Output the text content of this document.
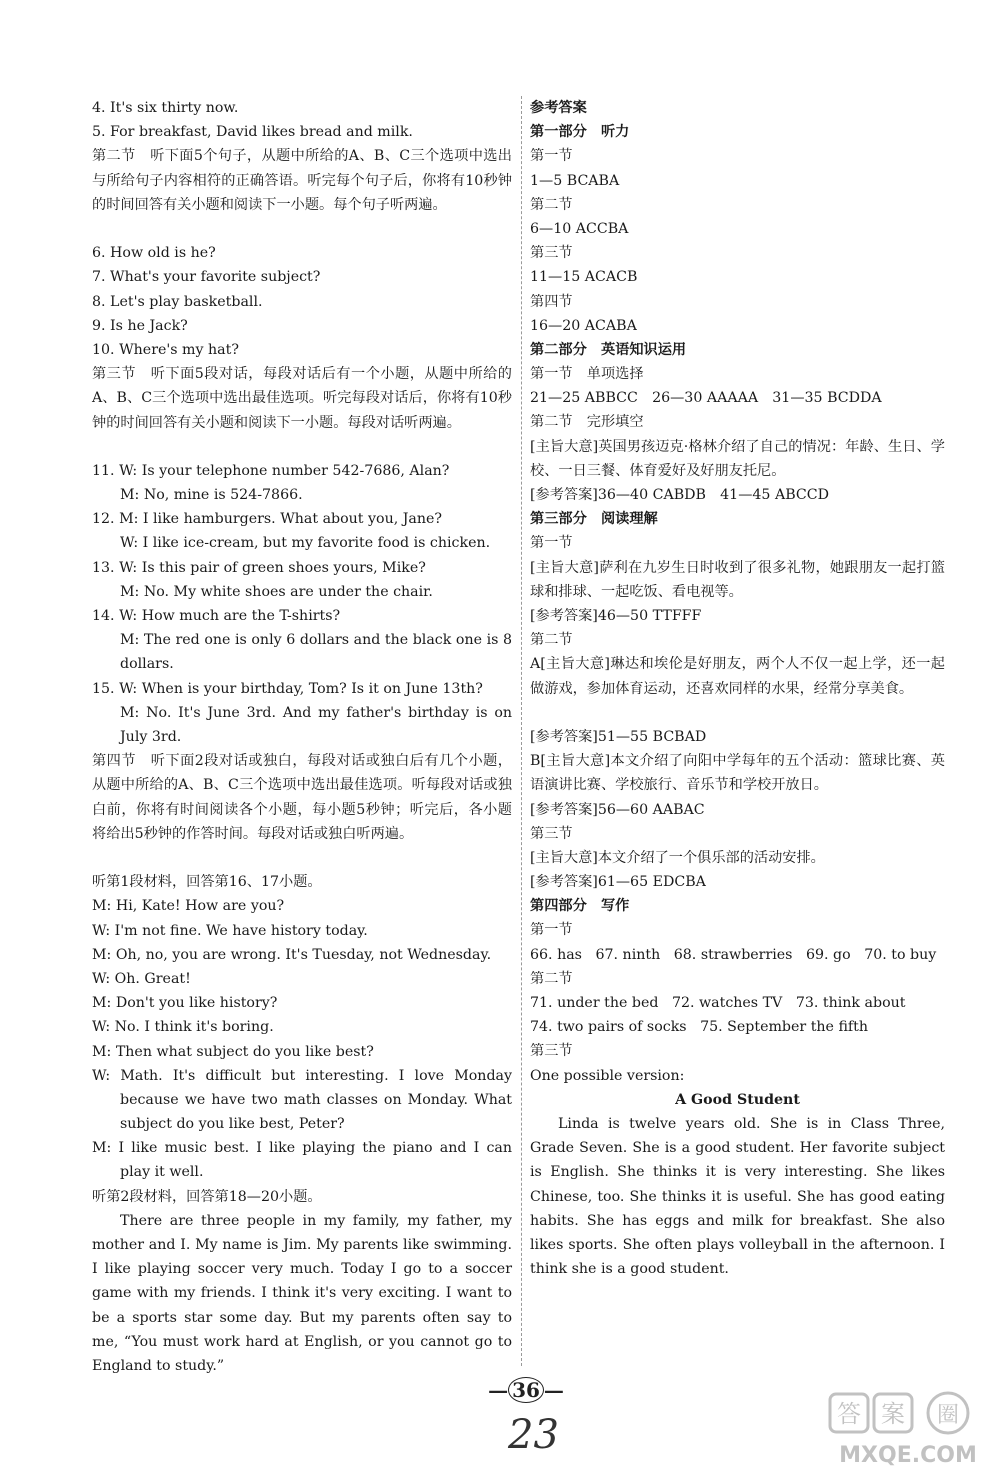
4. It's six thirty now.
5. For breakfast, David likes bread and milk.
第二节　听下面5个句子，从题中所给的A、B、C三个选项中选出与所给句子内容相符的正确答语。听完每个句子后，你将有10秒钟的时间回答有关小题和阅读下一小题。每个句子听两遍。
6. How old is he?
7. What's your favorite subject?
8. Let's play basketball.
9. Is he Jack?
10. Where's my hat?
第三节　听下面5段对话，每段对话后有一个小题，从题中所给的A、B、C三个选项中选出最佳选项。听完每段对话后，你将有10秒钟的时间回答有关小题和阅读下一小题。每段对话听两遍。
11. W: Is your telephone number 542-7686, Alan?
M: No, mine is 524-7866.
12. M: I like hamburgers. What about you, Jane?
W: I like ice-cream, but my favorite food is chicken.
13. W: Is this pair of green shoes yours, Mike?
M: No. My white shoes are under the chair.
14. W: How much are the T-shirts?
M: The red one is only 6 dollars and the black one is 8 dollars.
15. W: When is your birthday, Tom? Is it on June 13th?
M: No. It's June 3rd. And my father's birthday is on July 3rd.
第四节　听下面2段对话或独白，每段对话或独白后有几个小题，从题中所给的A、B、C三个选项中选出最佳选项。听每段对话或独白前，你将有时间阅读各个小题，每小题5秒钟；听完后，各小题将给出5秒钟的作答时间。每段对话或独白听两遍。
听第1段材料，回答第16、17小题。
M: Hi, Kate! How are you?
W: I'm not fine. We have history today.
M: Oh, no, you are wrong. It's Tuesday, not Wednesday.
W: Oh. Great!
M: Don't you like history?
W: No. I think it's boring.
M: Then what subject do you like best?
W: Math. It's difficult but interesting. I love Monday because we have two math classes on Monday. What subject do you like best, Peter?
M: I like music best. I like playing the piano and I can play it well.
听第2段材料，回答第18—20小题。
There are three people in my family, my father, my mother and I. My name is Jim. My parents like swimming. I like playing soccer very much. Today I go to a soccer game with my friends. I think it's very exciting. I want to be a sports star some day. But my parents often say to me, “You must work hard at English, or you cannot go to England to study.”
参考答案
第一部分　听力
第一节
1—5 BCABA
第二节
6—10 ACCBA
第三节
11—15 ACACB
第四节
16—20 ACABA
第二部分　英语知识运用
第一节　单项选择
21—25 ABBCC　26—30 AAAAA　31—35 BCDDA
第二节　完形填空
[主旨大意]英国男孩迈克·格林介绍了自己的情况：年龄、生日、学校、一日三餐、体育爱好及好朋友托尼。
[参考答案]36—40 CABDB　41—45 ABCCD
第三部分　阅读理解
第一节
[主旨大意]萨利在九岁生日时收到了很多礼物，她跟朋友一起打篮球和排球、一起吃饭、看电视等。
[参考答案]46—50 TTFFF
第二节
A[主旨大意]琳达和埃伦是好朋友，两个人不仅一起上学，还一起做游戏，参加体育运动，还喜欢同样的水果，经常分享美食。
[参考答案]51—55 BCBAD
B[主旨大意]本文介绍了向阳中学每年的五个活动：篮球比赛、英语演讲比赛、学校旅行、音乐节和学校开放日。
[参考答案]56—60 AABAC
第三节
[主旨大意]本文介绍了一个俱乐部的活动安排。
[参考答案]61—65 EDCBA
第四部分　写作
第一节
66. has 67. ninth 68. strawberries 69. go 70. to buy
第二节
71. under the bed 72. watches TV 73. think about
74. two pairs of socks 75. September the fifth
第三节
One possible version:
A Good Student
Linda is twelve years old. She is in Class Three, Grade Seven. She is a good student. Her favorite subject is English. She thinks it is very interesting. She likes Chinese, too. She thinks it is useful. She has good eating habits. She has eggs and milk for breakfast. She also likes sports. She often plays volleyball in the afternoon. I think she is a good student.
— 36 —
23	答 案 圈
MXQE.COM
